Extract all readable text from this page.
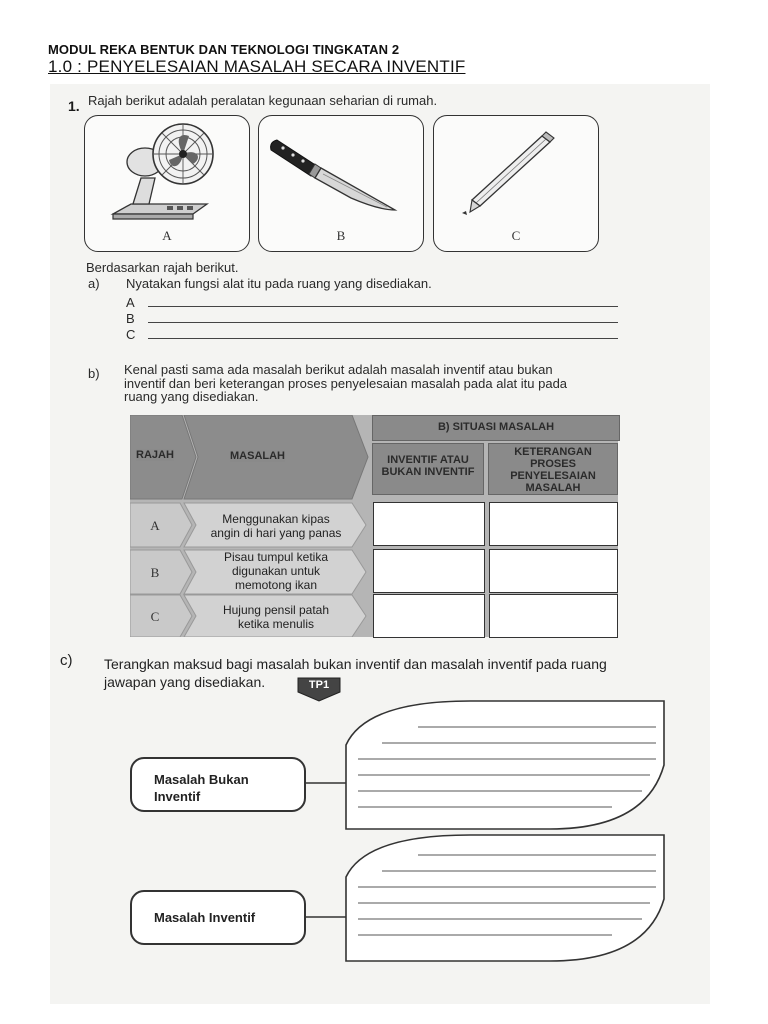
MODUL REKA BENTUK DAN TEKNOLOGI TINGKATAN 2
1.0 : PENYELESAIAN MASALAH SECARA INVENTIF
1. Rajah berikut adalah peralatan kegunaan seharian di rumah.
A	B	C
Berdasarkan rajah berikut.
a) Nyatakan fungsi alat itu pada ruang yang disediakan.
A
B
C
b) Kenal pasti sama ada masalah berikut adalah masalah inventif atau bukan
inventif dan beri keterangan proses penyelesaian masalah pada alat itu pada
ruang yang disediakan.
RAJAH	MASALAH
B) SITUASI MASALAH
INVENTIF ATAU
BUKAN INVENTIF
KETERANGAN
PROSES
PENYELESAIAN
MASALAH
A	Menggunakan kipas
angin di hari yang panas
B
Pisau tumpul ketika
digunakan untuk
memotong ikan
C	Hujung pensil patah
ketika menulis
c) Terangkan maksud bagi masalah bukan inventif dan masalah inventif pada ruang
jawapan yang disediakan.	TP1
Masalah Bukan
Inventif
Masalah Inventif
